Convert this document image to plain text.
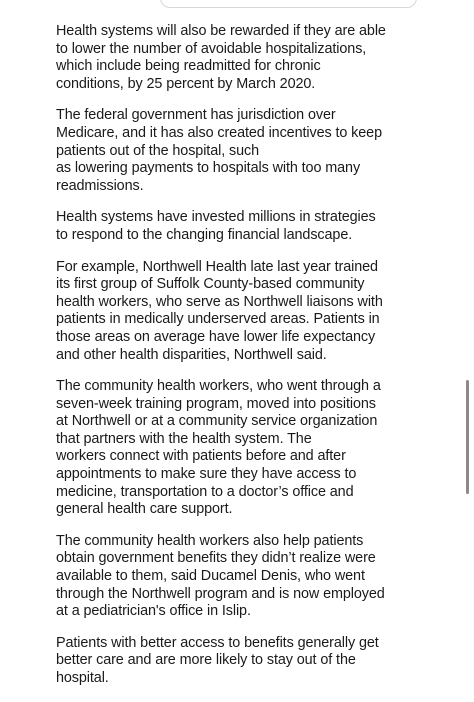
Health systems will also be rewarded if they are able
to lower the number of avoidable hospitalizations,
which include being readmitted for chronic
conditions, by 25 percent by March 2020.

The federal government has jurisdiction over
Medicare, and it has also created incentives to keep
patients out of the hospital, such
as lowering payments to hospitals with too many
readmissions.

Health systems have invested millions in strategies
to respond to the changing financial landscape.

For example, Northwell Health late last year trained
its first group of Suffolk County-based community
health workers, who serve as Northwell liaisons with
patients in medically underserved areas. Patients in
those areas on average have lower life expectancy
and other health disparities, Northwell said.

The community health workers, who went through a
seven-week training program, moved into positions
at Northwell or at a community service organization
that partners with the health system. The
workers connect with patients before and after
appointments to make sure they have access to
medicine, transportation to a doctor’s office and
general health care support.

The community health workers also help patients
obtain government benefits they didn’t realize were
available to them, said Ducamel Denis, who went
through the Northwell program and is now employed
at a pediatrician's office in Islip.

Patients with better access to benefits generally get
better care and are more likely to stay out of the
hospital.
